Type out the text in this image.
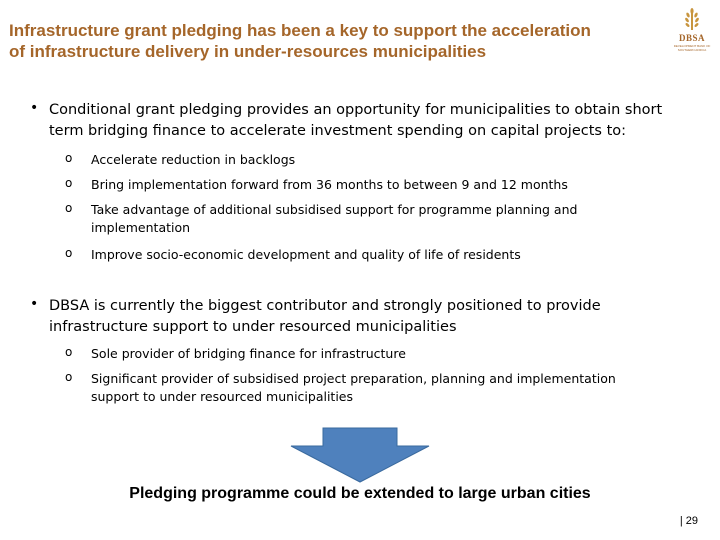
Infrastructure grant pledging has been a key to support the acceleration of infrastructure delivery in under-resources municipalities
DBSA
DEVELOPMENT BANK OF SOUTHERN AFRICA
• Conditional grant pledging provides an opportunity for municipalities to obtain short term bridging finance to accelerate investment spending on capital projects to:
o Accelerate reduction in backlogs
o Bring implementation forward from 36 months to between 9 and 12 months
o Take advantage of additional subsidised support for programme planning and implementation
o Improve socio-economic development and quality of life of residents
• DBSA is currently the biggest contributor and strongly positioned to provide infrastructure support to under resourced municipalities
o Sole provider of bridging finance for infrastructure
o Significant provider of subsidised project preparation, planning and implementation support to under resourced municipalities
Pledging programme could be extended to large urban cities
| 29
